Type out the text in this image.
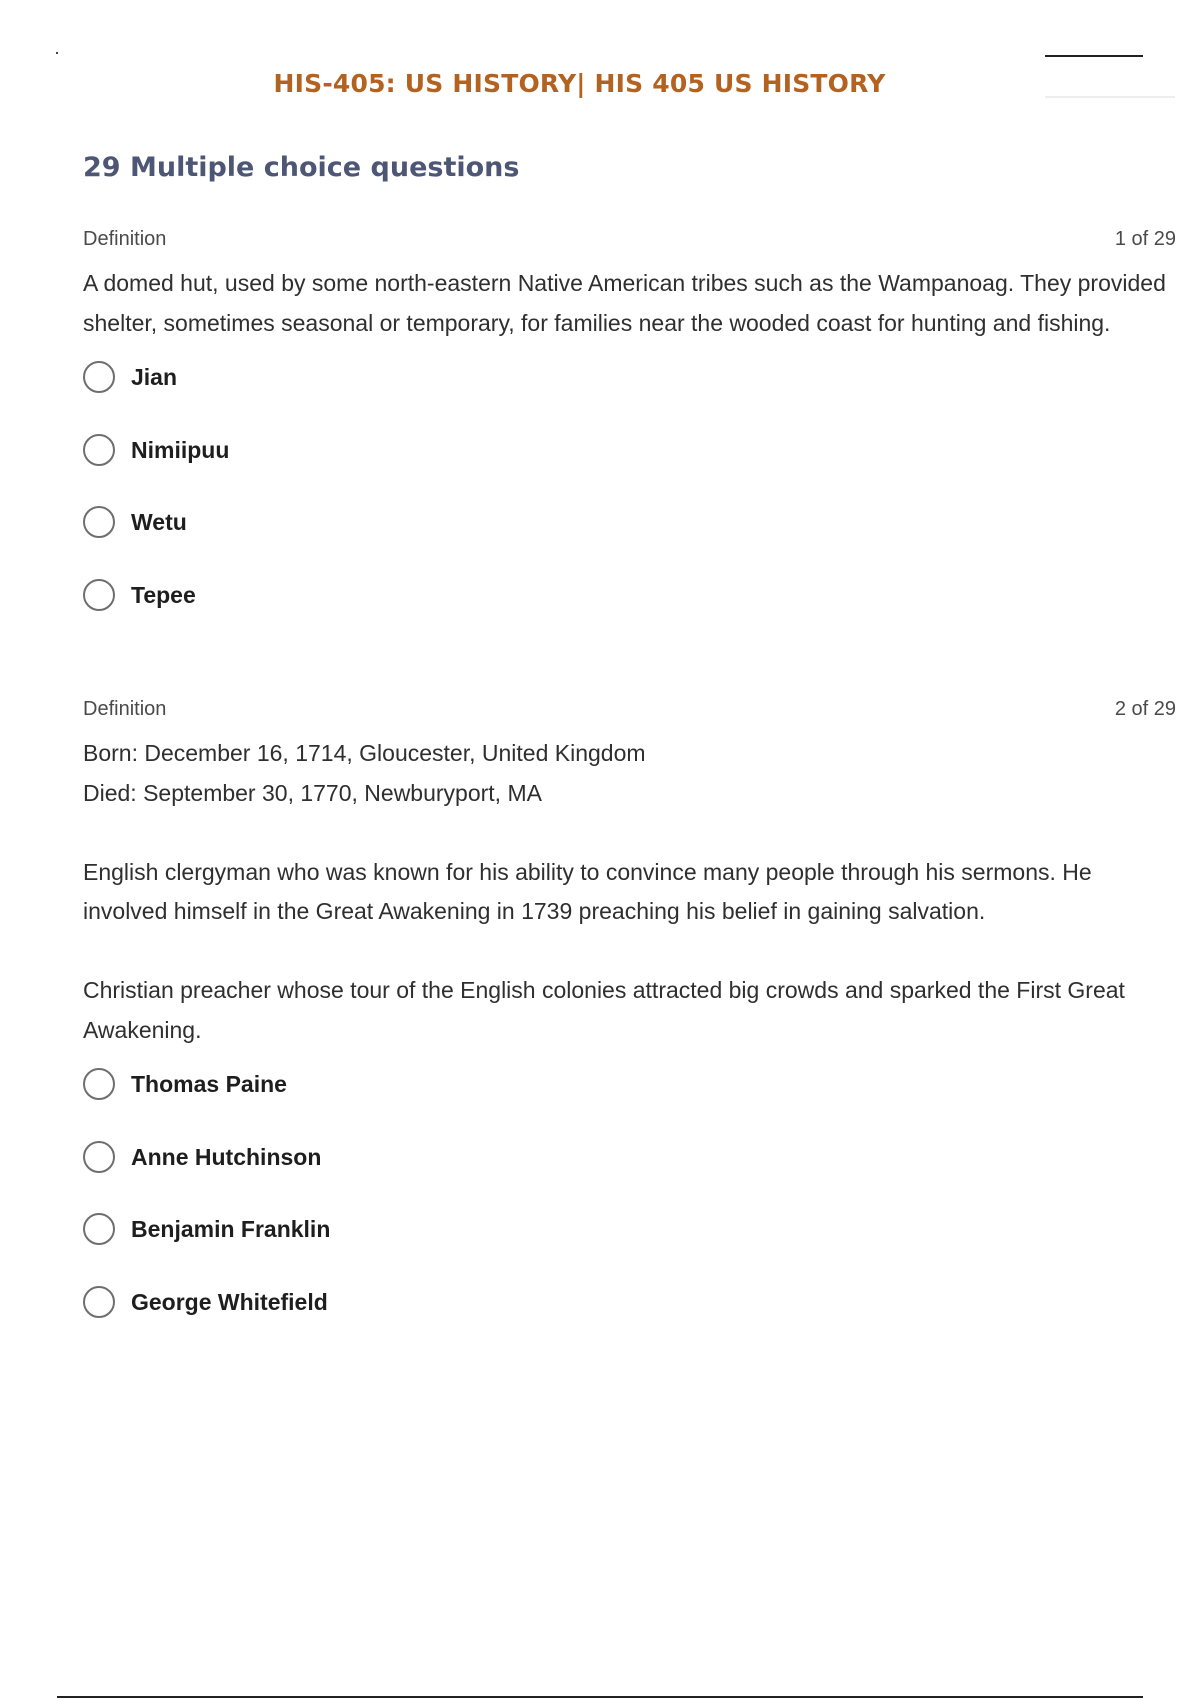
HIS-405: US HISTORY| HIS 405 US HISTORY
29 Multiple choice questions
Definition	1 of 29

A domed hut, used by some north-eastern Native American tribes such as the Wampanoag. They provided shelter, sometimes seasonal or temporary, for families near the wooded coast for hunting and fishing.

Jian
Nimiipuu
Wetu
Tepee
Definition	2 of 29

Born: December 16, 1714, Gloucester, United Kingdom

Died: September 30, 1770, Newburyport, MA

English clergyman who was known for his ability to convince many people through his sermons. He involved himself in the Great Awakening in 1739 preaching his belief in gaining salvation.

Christian preacher whose tour of the English colonies attracted big crowds and sparked the First Great Awakening.

Thomas Paine
Anne Hutchinson
Benjamin Franklin
George Whitefield
